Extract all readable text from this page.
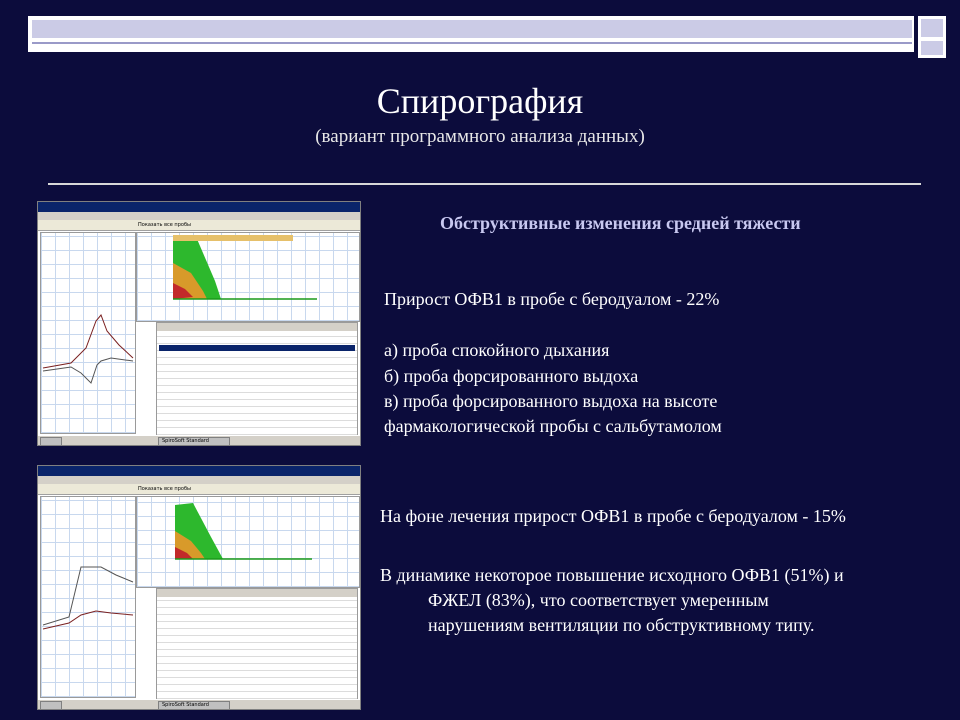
Спирография
(вариант программного анализа данных)
Обструктивные изменения средней тяжести
Прирост ОФВ1 в пробе с беродуалом - 22%
а) проба спокойного дыхания
б) проба форсированного выдоха
в) проба форсированного выдоха на высоте
фармакологической пробы с сальбутамолом
На фоне лечения прирост ОФВ1 в пробе с беродуалом - 15%
В динамике некоторое повышение исходного ОФВ1 (51%) и
ФЖЕЛ (83%), что соответствует умеренным
нарушениям вентиляции по обструктивному типу.
Показать все пробы
SpiroSoft Standard
Показать все пробы
SpiroSoft Standard
